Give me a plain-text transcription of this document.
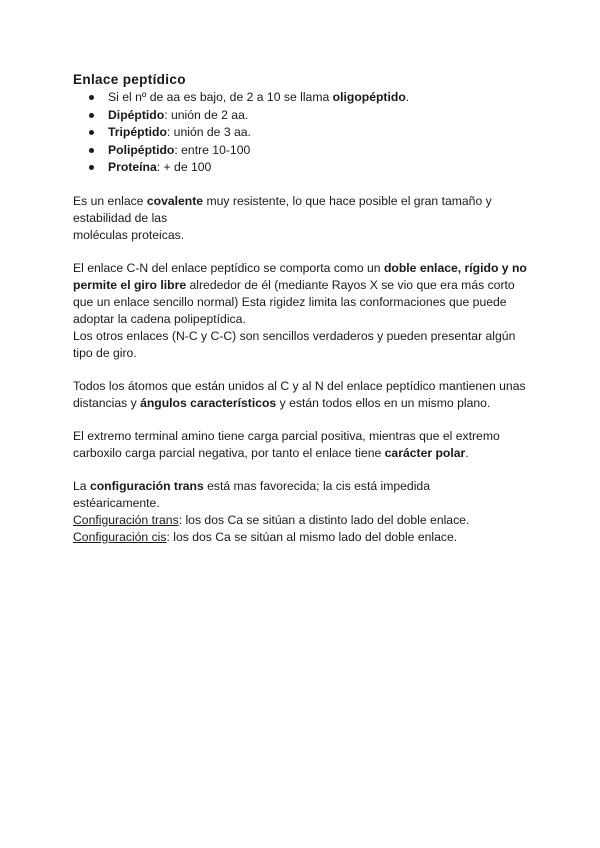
Enlace peptídico
Si el nº de aa es bajo, de 2 a 10 se llama oligopéptido.
Dipéptido: unión de 2 aa.
Tripéptido: unión de 3 aa.
Polipéptido: entre 10-100
Proteína: + de 100

Es un enlace covalente muy resistente, lo que hace posible el gran tamaño y estabilidad de las
moléculas proteicas.

El enlace C-N del enlace peptídico se comporta como un doble enlace, rígido y no permite el giro libre alrededor de él (mediante Rayos X se vio que era más corto que un enlace sencillo normal) Esta rigidez limita las conformaciones que puede adoptar la cadena polipeptídica.
Los otros enlaces (N-C y C-C) son sencillos verdaderos y pueden presentar algún tipo de giro.

Todos los átomos que están unidos al C y al N del enlace peptídico mantienen unas distancias y ángulos característicos y están todos ellos en un mismo plano.

El extremo terminal amino tiene carga parcial positiva, mientras que el extremo carboxilo carga parcial negativa, por tanto el enlace tiene carácter polar.

La configuración trans está mas favorecida; la cis está impedida
estéaricamente.
Configuración trans: los dos Ca se sitúan a distinto lado del doble enlace.
Configuración cis: los dos Ca se sitúan al mismo lado del doble enlace.
